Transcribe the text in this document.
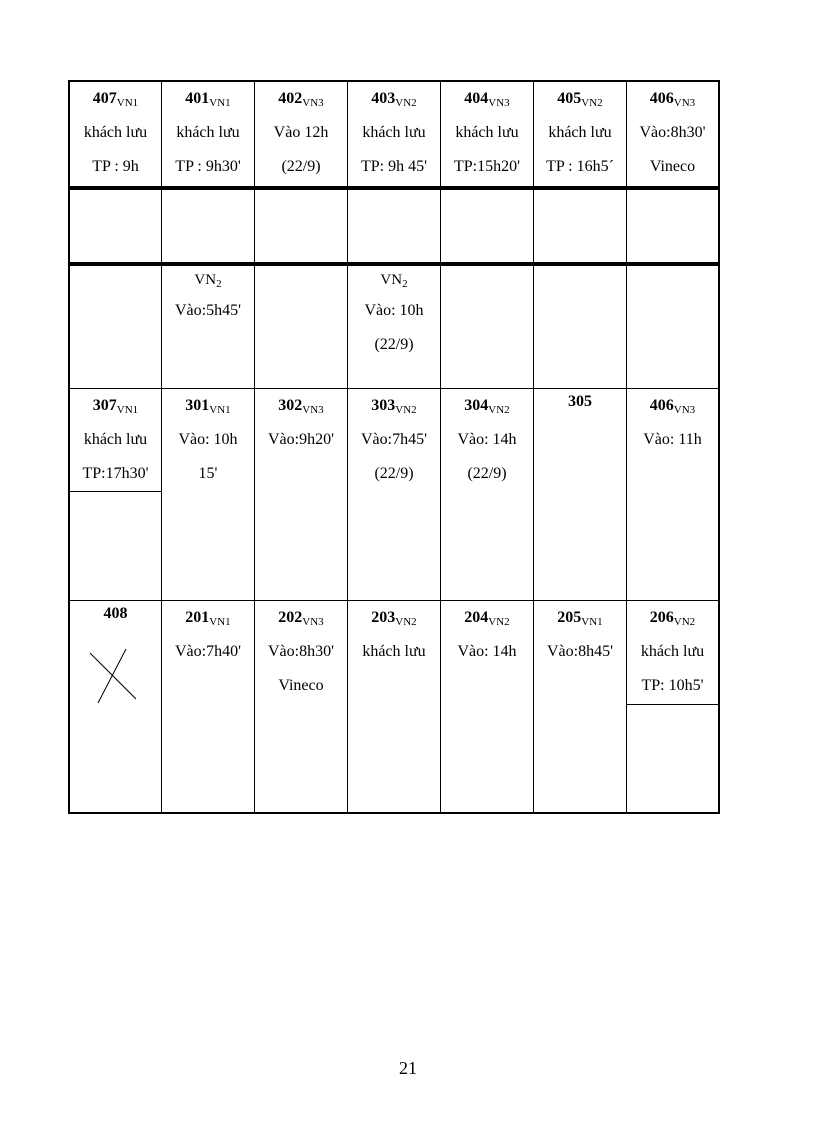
$407_{VN1}$
khách lưu
TP : 9h
$401_{VN1}$
khách lưu
TP : 9h30'
$402_{VN3}$
Vào 12h
(22/9)
$403_{VN2}$
khách lưu
TP: 9h 45'
$404_{VN3}$
khách lưu
TP:15h20'
$405_{VN2}$
khách lưu
TP : 16h5´
$406_{VN3}$
Vào:8h30'
Vineco
$VN_2$
Vào:5h45'
$VN_2$
Vào: 10h
(22/9)
$307_{VN1}$
khách lưu
TP:17h30'
$301_{VN1}$
Vào: 10h
15'
$302_{VN3}$
Vào:9h20'
$303_{VN2}$
Vào:7h45'
(22/9)
$304_{VN2}$
Vào: 14h
(22/9)
305	$406_{VN3}$
Vào: 11h
408	$201_{VN1}$
Vào:7h40'
$202_{VN3}$
Vào:8h30'
Vineco
$203_{VN2}$
khách lưu
$204_{VN2}$
Vào: 14h
$205_{VN1}$
Vào:8h45'
$206_{VN2}$
khách lưu
TP: 10h5'
21
